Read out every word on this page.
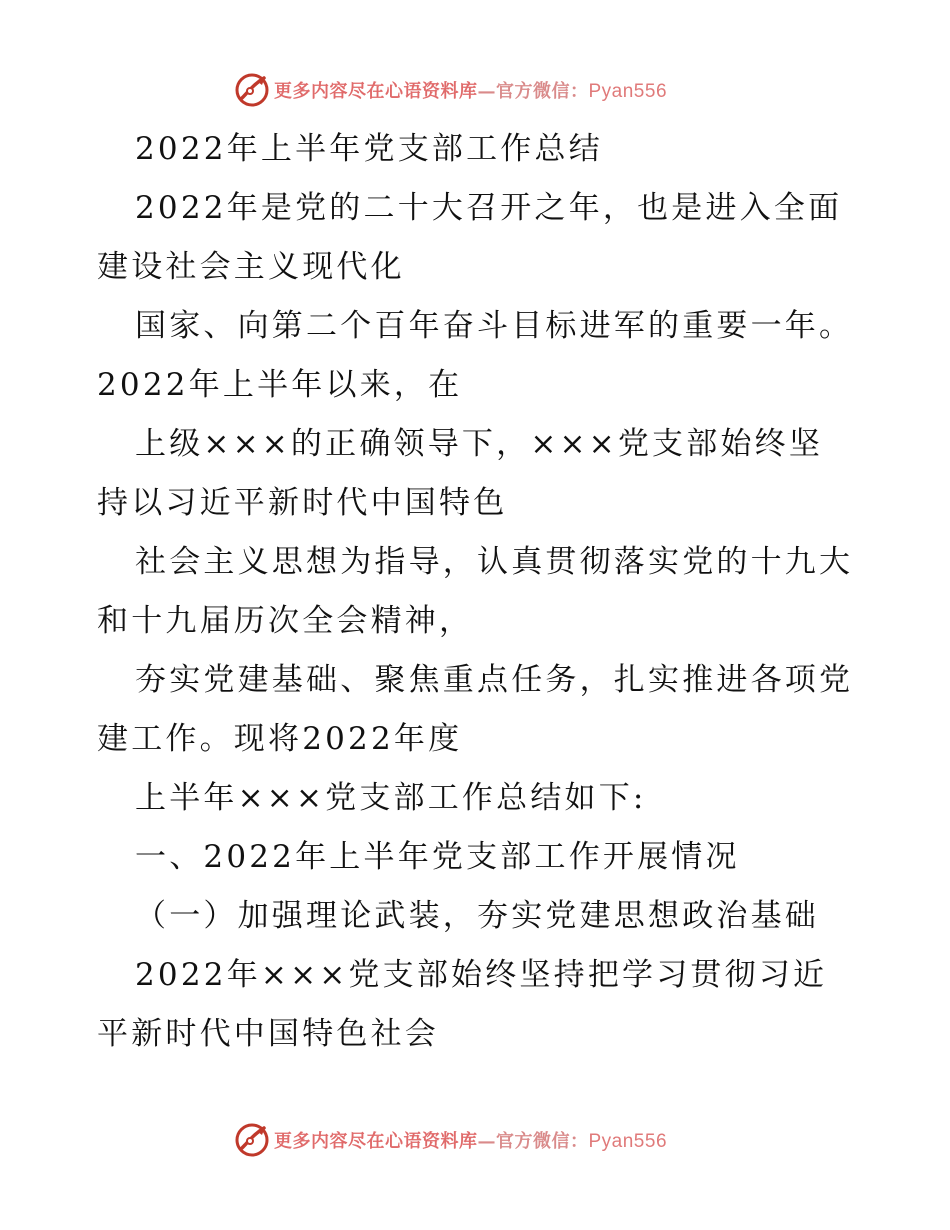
更多内容尽在心语资料库—官方微信：Pyan556
2022年上半年党支部工作总结
2022年是党的二十大召开之年，也是进入全面
建设社会主义现代化
国家、向第二个百年奋斗目标进军的重要一年。
2022年上半年以来，在
上级×××的正确领导下，×××党支部始终坚
持以习近平新时代中国特色
社会主义思想为指导，认真贯彻落实党的十九大
和十九届历次全会精神，
夯实党建基础、聚焦重点任务，扎实推进各项党
建工作。现将2022年度
上半年×××党支部工作总结如下:
一、2022年上半年党支部工作开展情况
（一）加强理论武装，夯实党建思想政治基础
2022年×××党支部始终坚持把学习贯彻习近
平新时代中国特色社会
更多内容尽在心语资料库—官方微信：Pyan556
